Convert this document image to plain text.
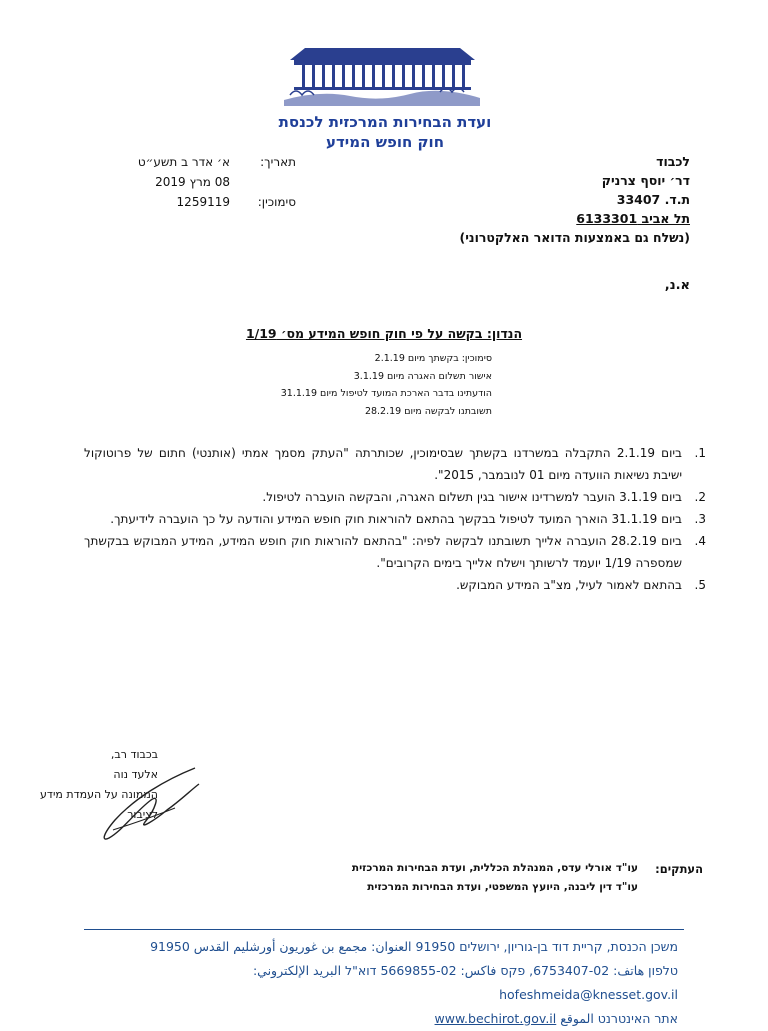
ועדת הבחירות המרכזית לכנסת
חוק חופש המידע
תאריך:
א׳ אדר ב תשע״ט
08 מרץ 2019
סימוכין:
1259119
לכבוד
דר׳ יוסף צרניק
ת.ד. 33407
תל אביב 6133301
(נשלח גם באמצעות הדואר האלקטרוני)
א.נ,
הנדון: בקשה על פי חוק חופש המידע מס׳ 1/19
סימוכין: בקשתך מיום 2.1.19
אישור תשלום האגרה מיום 3.1.19
הודעתינו בדבר הארכת המועד לטיפול מיום 31.1.19
תשובתנו לבקשה מיום 28.2.19
1.
ביום 2.1.19 התקבלה במשרדנו בקשתך שבסימוכין, שכותרתה "העתק מסמך אמתי (אותנטי) חתום של פרוטוקול ישיבת נשיאות הוועדה מיום 01 לנובמבר, 2015".
2.
ביום 3.1.19 הועבר למשרדינו אישור בגין תשלום האגרה, והבקשה הועברה לטיפול.
3.
ביום 31.1.19 הוארך המועד לטיפול בבקשך בהתאם להוראות חוק חופש המידע והודעה על כך הועברה לידיעתך.
4.
ביום 28.2.19 הועברה אלייך תשובתנו לבקשה לפיה: "בהתאם להוראות חוק חופש המידע, המידע המבוקש בבקשתך שמספרה 1/19 יועמד לרשותך וישלח אלייך בימים הקרובים".
5.
בהתאם לאמור לעיל, מצ"ב המידע המבוקש.
בכבוד רב,
אלעד נוה
הממונה על העמדת מידע לציבור
העתקים:
עו"ד אורלי עדס, המנהלת הכללית, ועדת הבחירות המרכזית
עו"ד דין ליבנה, היועץ המשפטי, ועדת הבחירות המרכזית
משכן הכנסת, קריית דוד בן-גוריון, ירושלים 91950 العنوان: مجمع بن غوريون أورشليم القدس 91950
טלפון هاتف: 02-6753407, פקס فاكس: 02-5669855 דוא"ל البريد الإلكتروني: hofeshmeida@knesset.gov.il
אתר האינטרנט الموقع www.bechirot.gov.il
